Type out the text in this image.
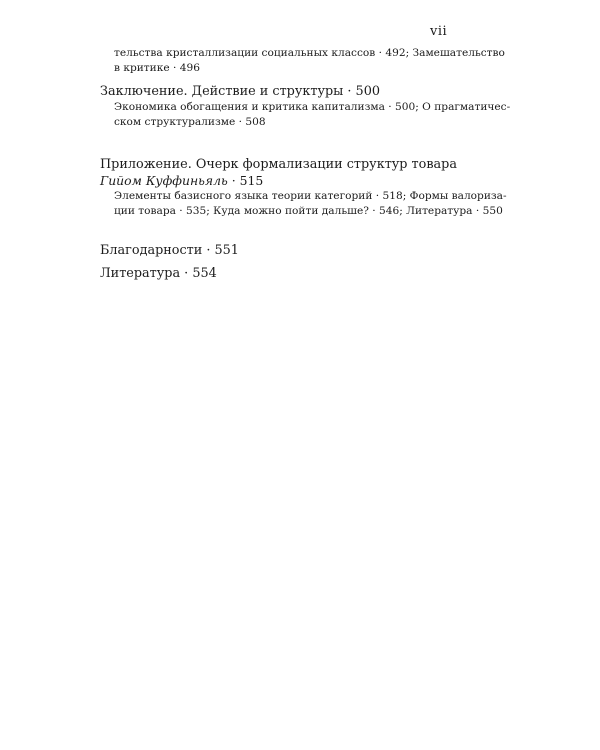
vii

тельства кристаллизации социальных классов · 492; Замешательство

в критике · 496

Заключение. Действие и структуры · 500

Экономика обогащения и критика капитализма · 500; О прагматичес-

ском структурализме · 508

Приложение. Очерк формализации структур товара

Гийом Куффиньяль · 515

Элементы базисного языка теории категорий · 518; Формы валориза-

ции товара · 535; Куда можно пойти дальше? · 546; Литература · 550

Благодарности · 551

Литература · 554
